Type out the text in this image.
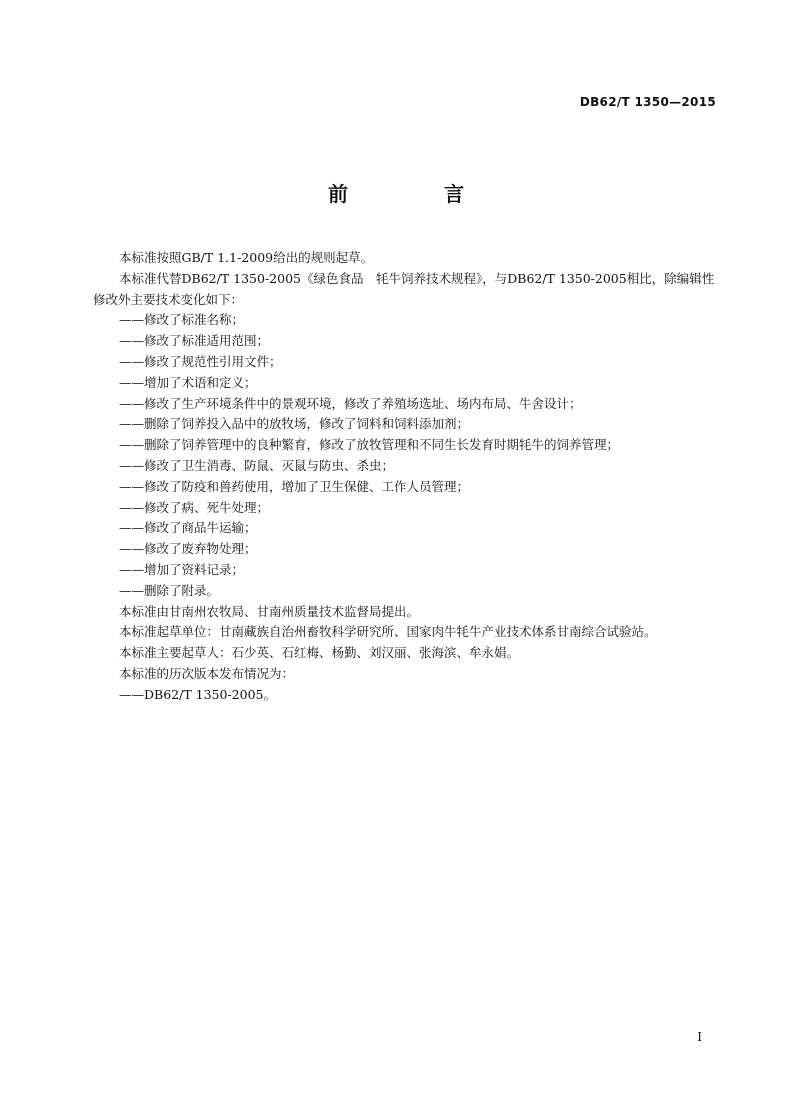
DB62/T 1350—2015
前　言

本标准按照GB/T 1.1-2009给出的规则起草。

本标准代替DB62/T 1350-2005《绿色食品　牦牛饲养技术规程》，与DB62/T 1350-2005相比，除编辑性修改外主要技术变化如下：

——修改了标准名称；

——修改了标准适用范围；

——修改了规范性引用文件；

——增加了术语和定义；

——修改了生产环境条件中的景观环境，修改了养殖场选址、场内布局、牛舍设计；

——删除了饲养投入品中的放牧场，修改了饲料和饲料添加剂；

——删除了饲养管理中的良种繁育，修改了放牧管理和不同生长发育时期牦牛的饲养管理；

——修改了卫生消毒、防鼠、灭鼠与防虫、杀虫；

——修改了防疫和兽药使用，增加了卫生保健、工作人员管理；

——修改了病、死牛处理；

——修改了商品牛运输；

——修改了废弃物处理；

——增加了资料记录；

——删除了附录。

本标准由甘南州农牧局、甘南州质量技术监督局提出。

本标准起草单位：甘南藏族自治州畜牧科学研究所、国家肉牛牦牛产业技术体系甘南综合试验站。

本标准主要起草人：石少英、石红梅、杨勤、刘汉丽、张海滨、牟永娟。

本标准的历次版本发布情况为：

——DB62/T 1350-2005。

I
